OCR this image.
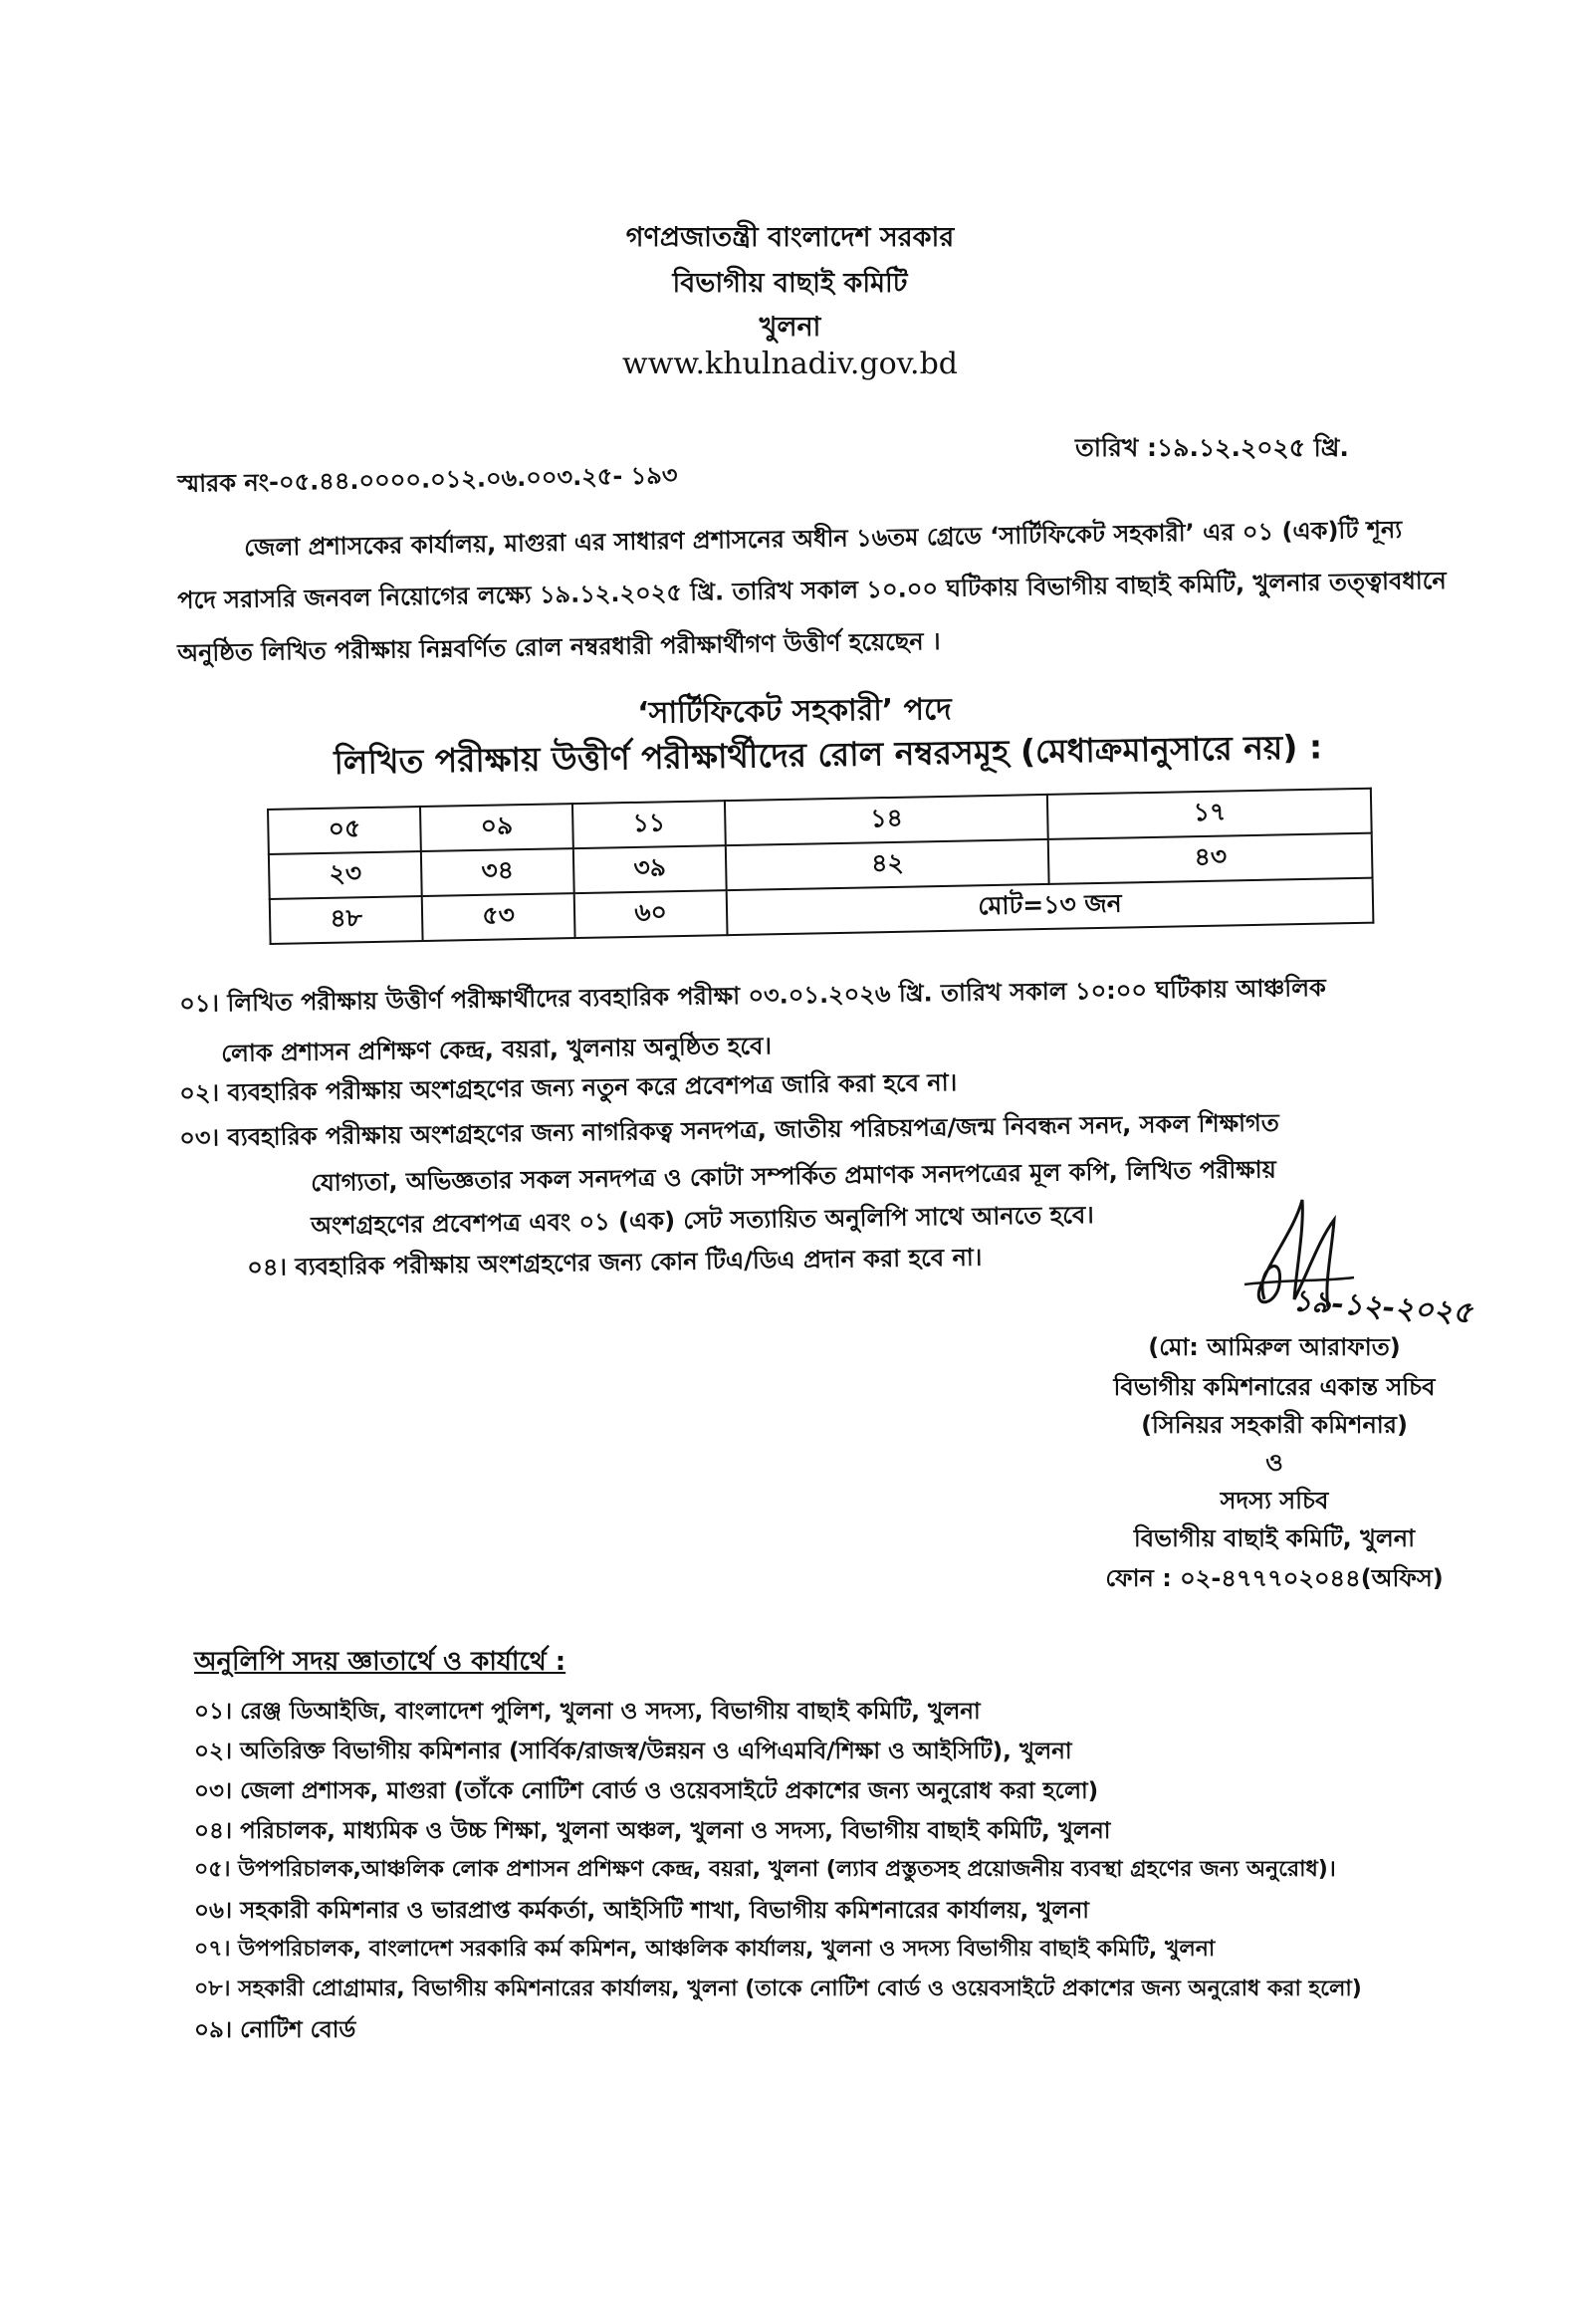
গণপ্রজাতন্ত্রী বাংলাদেশ সরকার
বিভাগীয় বাছাই কমিটি
খুলনা
www.khulnadiv.gov.bd
তারিখ :১৯.১২.২০২৫ খ্রি.
স্মারক নং-০৫.৪৪.০০০০.০১২.০৬.০০৩.২৫- ১৯৩
জেলা প্রশাসকের কার্যালয়, মাগুরা এর সাধারণ প্রশাসনের অধীন ১৬তম গ্রেডে ‘সার্টিফিকেট সহকারী’ এর ০১ (এক)টি শূন্য
পদে সরাসরি জনবল নিয়োগের লক্ষ্যে ১৯.১২.২০২৫ খ্রি. তারিখ সকাল ১০.০০ ঘটিকায় বিভাগীয় বাছাই কমিটি, খুলনার তত্ত্বাবধানে
অনুষ্ঠিত লিখিত পরীক্ষায় নিম্নবর্ণিত রোল নম্বরধারী পরীক্ষার্থীগণ উত্তীর্ণ হয়েছেন ।
‘সার্টিফিকেট সহকারী’ পদে
লিখিত পরীক্ষায় উত্তীর্ণ পরীক্ষার্থীদের রোল নম্বরসমূহ (মেধাক্রমানুসারে নয়) :
০৫	০৯	১১	১৪	১৭
২৩	৩৪	৩৯	৪২	৪৩
৪৮	৫৩	৬০	মোট=১৩ জন	
০১। লিখিত পরীক্ষায় উত্তীর্ণ পরীক্ষার্থীদের ব্যবহারিক পরীক্ষা ০৩.০১.২০২৬ খ্রি. তারিখ সকাল ১০:০০ ঘটিকায় আঞ্চলিক
লোক প্রশাসন প্রশিক্ষণ কেন্দ্র, বয়রা, খুলনায় অনুষ্ঠিত হবে।
০২। ব্যবহারিক পরীক্ষায় অংশগ্রহণের জন্য নতুন করে প্রবেশপত্র জারি করা হবে না।
০৩। ব্যবহারিক পরীক্ষায় অংশগ্রহণের জন্য নাগরিকত্ব সনদপত্র, জাতীয় পরিচয়পত্র/জন্ম নিবন্ধন সনদ, সকল শিক্ষাগত
যোগ্যতা, অভিজ্ঞতার সকল সনদপত্র ও কোটা সম্পর্কিত প্রমাণক সনদপত্রের মূল কপি, লিখিত পরীক্ষায়
অংশগ্রহণের প্রবেশপত্র এবং ০১ (এক) সেট সত্যায়িত অনুলিপি সাথে আনতে হবে।
০৪। ব্যবহারিক পরীক্ষায় অংশগ্রহণের জন্য কোন টিএ/ডিএ প্রদান করা হবে না।
১৯-১২-২০২৫
(মো: আমিরুল আরাফাত)
বিভাগীয় কমিশনারের একান্ত সচিব
(সিনিয়র সহকারী কমিশনার)
ও
সদস্য সচিব
বিভাগীয় বাছাই কমিটি, খুলনা
ফোন : ০২-৪৭৭৭০২০৪৪(অফিস)
অনুলিপি সদয় জ্ঞাতার্থে ও কার্যার্থে :
০১। রেঞ্জ ডিআইজি, বাংলাদেশ পুলিশ, খুলনা ও সদস্য, বিভাগীয় বাছাই কমিটি, খুলনা
০২। অতিরিক্ত বিভাগীয় কমিশনার (সার্বিক/রাজস্ব/উন্নয়ন ও এপিএমবি/শিক্ষা ও আইসিটি), খুলনা
০৩। জেলা প্রশাসক, মাগুরা (তাঁকে নোটিশ বোর্ড ও ওয়েবসাইটে প্রকাশের জন্য অনুরোধ করা হলো)
০৪। পরিচালক, মাধ্যমিক ও উচ্চ শিক্ষা, খুলনা অঞ্চল, খুলনা ও সদস্য, বিভাগীয় বাছাই কমিটি, খুলনা
০৫। উপপরিচালক,আঞ্চলিক লোক প্রশাসন প্রশিক্ষণ কেন্দ্র, বয়রা, খুলনা (ল্যাব প্রস্তুতসহ প্রয়োজনীয় ব্যবস্থা গ্রহণের জন্য অনুরোধ)।
০৬। সহকারী কমিশনার ও ভারপ্রাপ্ত কর্মকর্তা, আইসিটি শাখা, বিভাগীয় কমিশনারের কার্যালয়, খুলনা
০৭। উপপরিচালক, বাংলাদেশ সরকারি কর্ম কমিশন, আঞ্চলিক কার্যালয়, খুলনা ও সদস্য বিভাগীয় বাছাই কমিটি, খুলনা
০৮। সহকারী প্রোগ্রামার, বিভাগীয় কমিশনারের কার্যালয়, খুলনা (তাকে নোটিশ বোর্ড ও ওয়েবসাইটে প্রকাশের জন্য অনুরোধ করা হলো)
০৯। নোটিশ বোর্ড
